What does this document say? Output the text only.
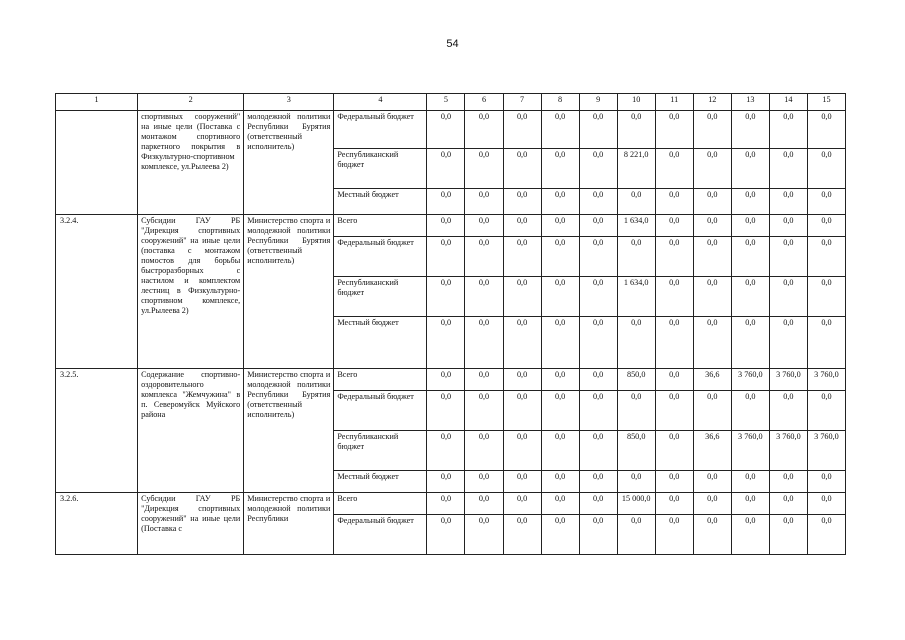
54
1	2	3	4	5	6	7	8	9	10	11	12	13	14	15
	спортивных сооружений" на иные цели (Поставка с монтажом спортивного паркетного покрытия в Физкультурно-спортивном комплексе, ул.Рылеева 2)	молодежной политики Республики Бурятия (ответственный исполнитель)	Федеральный бюджет	0,0	0,0	0,0	0,0	0,0	0,0	0,0	0,0	0,0	0,0	0,0
			Республиканский бюджет	0,0	0,0	0,0	0,0	0,0	8 221,0	0,0	0,0	0,0	0,0	0,0
			Местный бюджет	0,0	0,0	0,0	0,0	0,0	0,0	0,0	0,0	0,0	0,0	0,0
3.2.4.	Субсидии ГАУ РБ "Дирекция спортивных сооружений" на иные цели (поставка с монтажом помостов для борьбы быстроразборных с настилом и комплектом лестниц в Физкультурно-спортивном комплексе, ул.Рылеева 2)	Министерство спорта и молодежной политики Республики Бурятия (ответственный исполнитель)	Всего	0,0	0,0	0,0	0,0	0,0	1 634,0	0,0	0,0	0,0	0,0	0,0
			Федеральный бюджет	0,0	0,0	0,0	0,0	0,0	0,0	0,0	0,0	0,0	0,0	0,0
			Республиканский бюджет	0,0	0,0	0,0	0,0	0,0	1 634,0	0,0	0,0	0,0	0,0	0,0
			Местный бюджет	0,0	0,0	0,0	0,0	0,0	0,0	0,0	0,0	0,0	0,0	0,0
3.2.5.	Содержание спортивно-оздоровительного комплекса "Жемчужина" в п. Северомуйск Муйского района	Министерство спорта и молодежной политики Республики Бурятия (ответственный исполнитель)	Всего	0,0	0,0	0,0	0,0	0,0	850,0	0,0	36,6	3 760,0	3 760,0	3 760,0
			Федеральный бюджет	0,0	0,0	0,0	0,0	0,0	0,0	0,0	0,0	0,0	0,0	0,0
			Республиканский бюджет	0,0	0,0	0,0	0,0	0,0	850,0	0,0	36,6	3 760,0	3 760,0	3 760,0
			Местный бюджет	0,0	0,0	0,0	0,0	0,0	0,0	0,0	0,0	0,0	0,0	0,0
3.2.6.	Субсидии ГАУ РБ "Дирекция спортивных сооружений" на иные цели (Поставка с	Министерство спорта и молодежной политики Республики	Всего	0,0	0,0	0,0	0,0	0,0	15 000,0	0,0	0,0	0,0	0,0	0,0
			Федеральный бюджет	0,0	0,0	0,0	0,0	0,0	0,0	0,0	0,0	0,0	0,0	0,0
